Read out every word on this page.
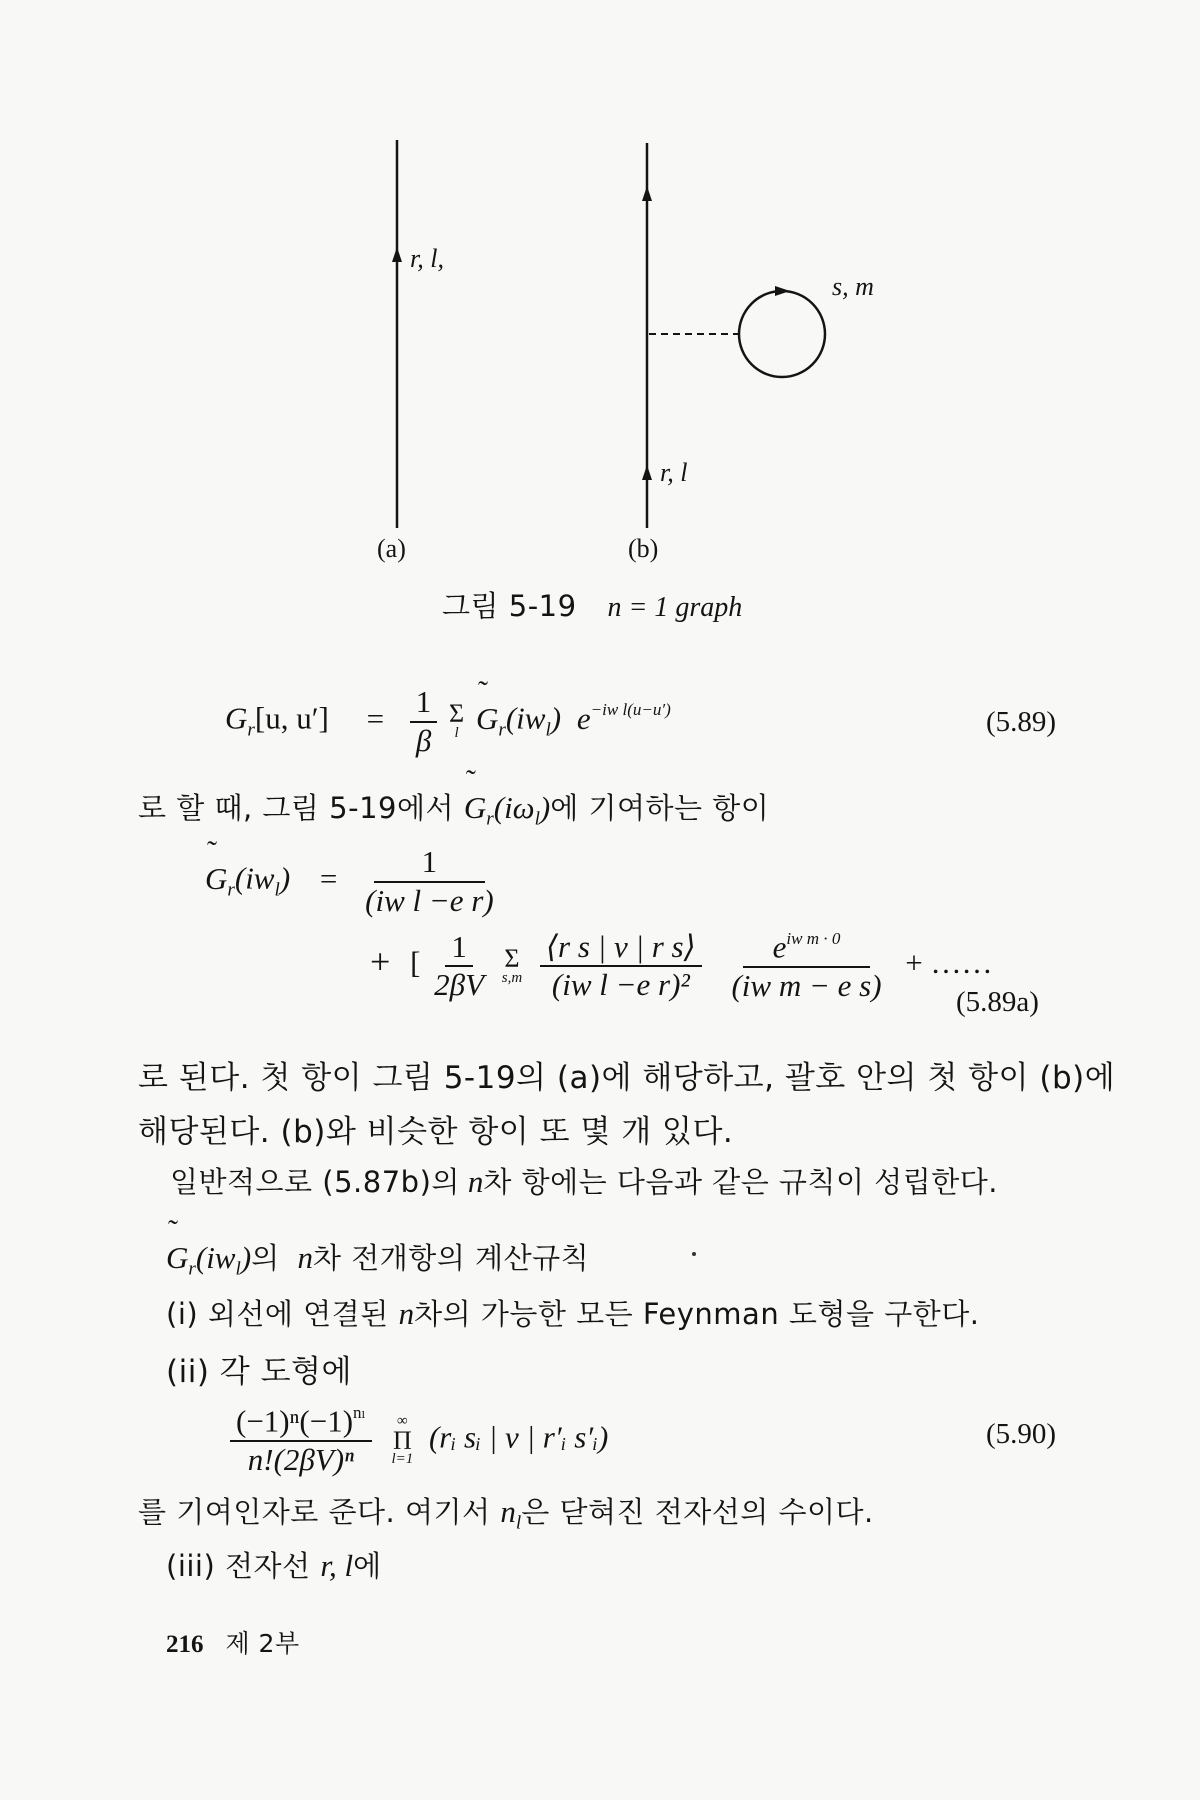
r, l,
s, m
r, l
(a)	(b)
그림 5-19 n = 1 graph
$G_r[u$, $u'] = \frac{1}{\beta}$
Σ
l ˜ $G_r(iw_l)$ $e^{-iw l(u-u')}$	(5.89)
로 할 때, 그림 5-19에서 ˜ $G_r(i\omega_l)$에 기여하는 항이
˜ $G_r(iw_l) = \frac{1}{\text{(iw l −e r)}}$
+ [ $\frac{1}{2\beta V}$
Σ
s,m
$\frac{\text{⟨r s | v | r s⟩}}{\text{(iw l −e r)²}}$
$\frac{e^{iw m \cdot 0}}{\text{(iw m − e s)}}$ + ……
(5.89a)
로 된다. 첫 항이 그림 5-19의 (a)에 해당하고, 괄호 안의 첫 항이 (b)에
해당된다. (b)와 비슷한 항이 또 몇 개 있다.
일반적으로 (5.87b)의 n차 항에는 다음과 같은 규칙이 성립한다.
˜ $G_r(iw_l)$의 n차 전개항의 계산규칙
(i) 외선에 연결된 n차의 가능한 모든 Feynman 도형을 구한다.
(ii) 각 도형에
$\frac{(-1)^n(-1)^{n_l}}{\text{n!(2βV)ⁿ}}$
∞
Π
l=1
(rᵢ sᵢ | v | r′ᵢ s′ᵢ)	(5.90)
를 기여인자로 준다. 여기서 $n_l$은 닫혀진 전자선의 수이다.
(iii) 전자선 r, l에
216 제 2부
